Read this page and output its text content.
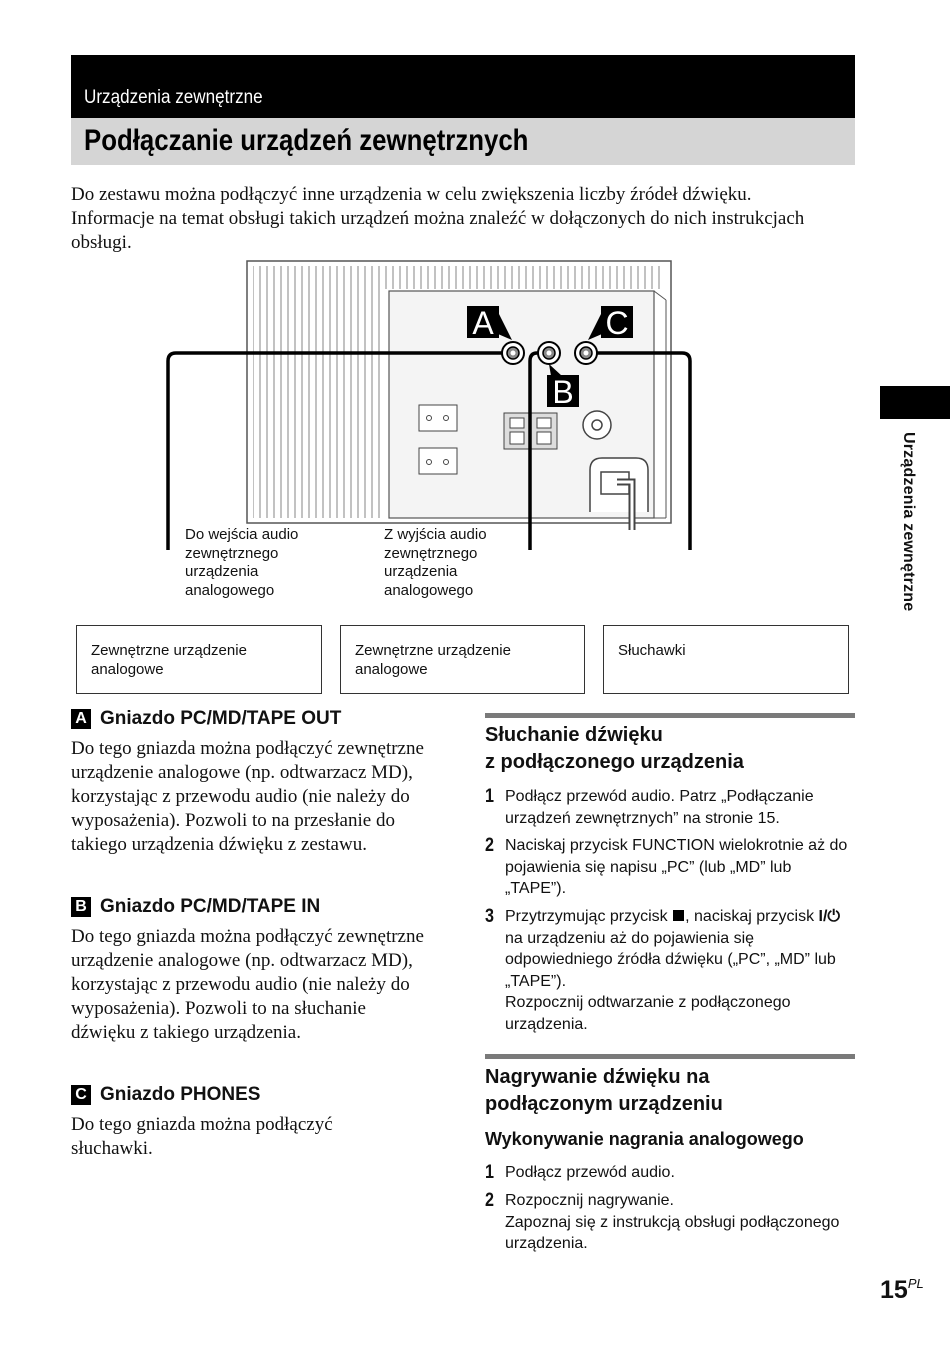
Urządzenia zewnętrzne
Podłączanie urządzeń zewnętrznych
Do zestawu można podłączyć inne urządzenia w celu zwiększenia liczby źródeł dźwięku. Informacje na temat obsługi takich urządzeń można znaleźć w dołączonych do nich instrukcjach obsługi.
Urządzenia zewnętrzne
A	C
B
Do wejścia audio zewnętrznego urządzenia analogowego
Z wyjścia audio zewnętrznego urządzenia analogowego
Zewnętrzne urządzenie analogowe
Zewnętrzne urządzenie analogowe
Słuchawki
A Gniazdo PC/MD/TAPE OUT
Do tego gniazda można podłączyć zewnętrzne urządzenie analogowe (np. odtwarzacz MD), korzystając z przewodu audio (nie należy do wyposażenia). Pozwoli to na przesłanie do takiego urządzenia dźwięku z zestawu.
B Gniazdo PC/MD/TAPE IN
Do tego gniazda można podłączyć zewnętrzne urządzenie analogowe (np. odtwarzacz MD), korzystając z przewodu audio (nie należy do wyposażenia). Pozwoli to na słuchanie dźwięku z takiego urządzenia.
C Gniazdo PHONES
Do tego gniazda można podłączyć słuchawki.
Słuchanie dźwięku
z podłączonego urządzenia
1 Podłącz przewód audio. Patrz „Podłączanie urządzeń zewnętrznych” na stronie 15.
2 Naciskaj przycisk FUNCTION wielokrotnie aż do pojawienia się napisu „PC” (lub „MD” lub „TAPE”).
3 Przytrzymując przycisk , naciskaj przycisk I/⏻ na urządzeniu aż do pojawienia się odpowiedniego źródła dźwięku („PC”, „MD” lub „TAPE”).
Rozpocznij odtwarzanie z podłączonego urządzenia.
Nagrywanie dźwięku na
podłączonym urządzeniu
Wykonywanie nagrania analogowego
1 Podłącz przewód audio.
2 Rozpocznij nagrywanie.
Zapoznaj się z instrukcją obsługi podłączonego urządzenia.
$15^{PL}$
